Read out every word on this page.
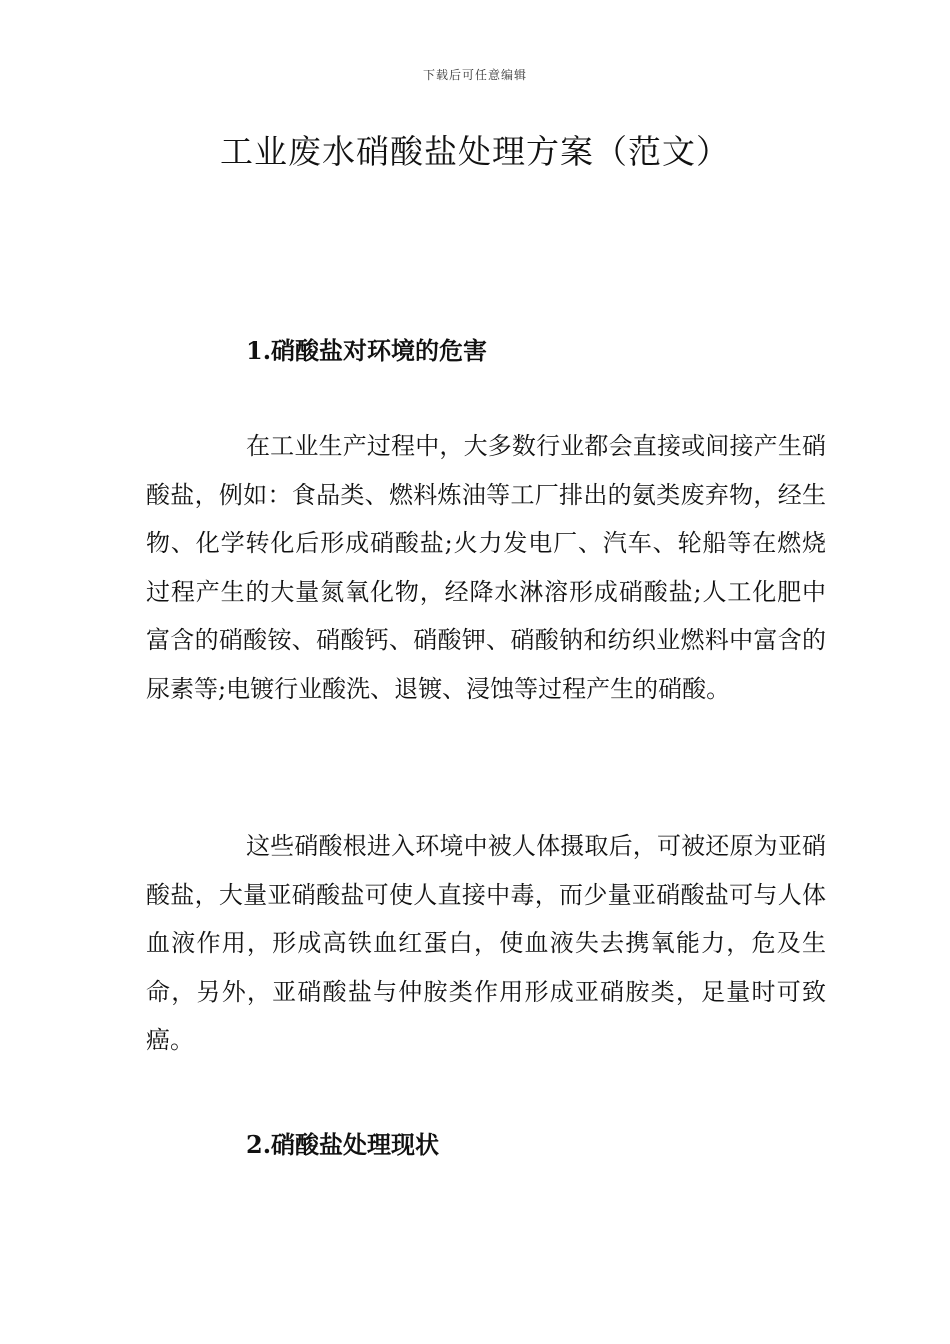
下载后可任意编辑
工业废水硝酸盐处理方案（范文）
1.硝酸盐对环境的危害

在工业生产过程中，大多数行业都会直接或间接产生硝酸盐，例如：食品类、燃料炼油等工厂排出的氨类废弃物，经生物、化学转化后形成硝酸盐;火力发电厂、汽车、轮船等在燃烧过程产生的大量氮氧化物，经降水淋溶形成硝酸盐;人工化肥中富含的硝酸铵、硝酸钙、硝酸钾、硝酸钠和纺织业燃料中富含的尿素等;电镀行业酸洗、退镀、浸蚀等过程产生的硝酸。

这些硝酸根进入环境中被人体摄取后，可被还原为亚硝酸盐，大量亚硝酸盐可使人直接中毒，而少量亚硝酸盐可与人体血液作用，形成高铁血红蛋白，使血液失去携氧能力，危及生命，另外，亚硝酸盐与仲胺类作用形成亚硝胺类，足量时可致癌。

2.硝酸盐处理现状
